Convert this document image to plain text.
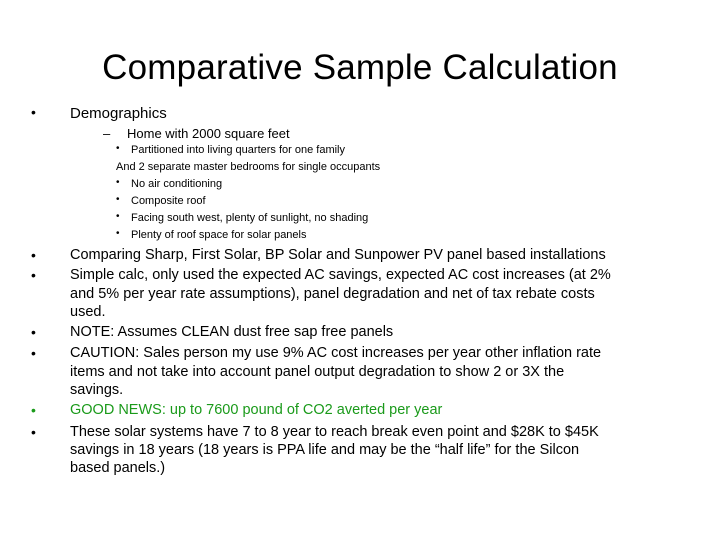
Comparative Sample Calculation
• Demographics
– Home with 2000 square feet
• Partitioned into living quarters for one family
And 2 separate master bedrooms for single occupants
• No air conditioning
• Composite roof
• Facing south west, plenty of sunlight, no shading
• Plenty of roof space for solar panels
• Comparing Sharp, First Solar, BP Solar and Sunpower PV panel based installations
• Simple calc, only used the expected AC savings, expected AC cost increases (at 2%
and 5% per year rate assumptions), panel degradation and net of tax rebate costs
used.
• NOTE: Assumes CLEAN dust free sap free panels
• CAUTION: Sales person my use 9% AC cost increases per year other inflation rate
items and not take into account panel output degradation to show 2 or 3X the
savings.
• GOOD NEWS: up to 7600 pound of CO2 averted per year
• These solar systems have 7 to 8 year to reach break even point and $28K to $45K
savings in 18 years (18 years is PPA life and may be the “half life” for the Silcon
based panels.)
